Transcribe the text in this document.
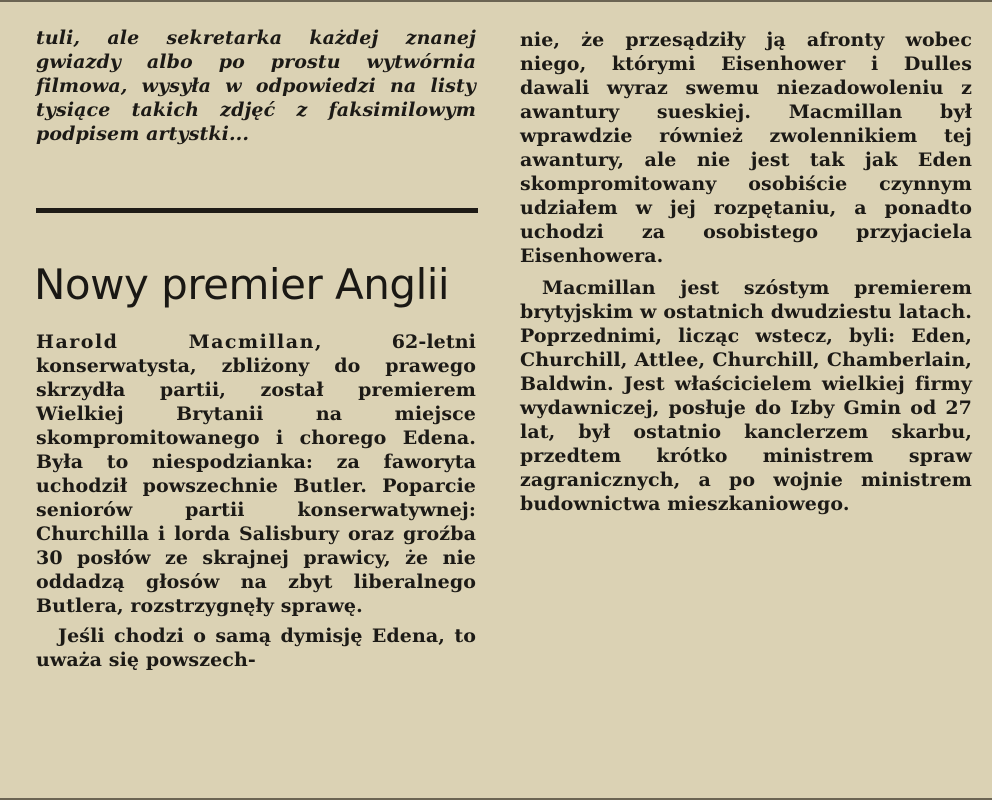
tuli, ale sekretarka każdej znanej gwiazdy albo po prostu wytwórnia filmowa, wysyła w odpowiedzi na listy tysiące takich zdjęć z faksimilowym podpisem artystki...

Nowy premier Anglii

Harold Macmillan, 62-letni konserwatysta, zbliżony do prawego skrzydła partii, został premierem Wielkiej Brytanii na miejsce skompromitowanego i chorego Edena. Była to niespodzianka: za faworyta uchodził powszechnie Butler. Poparcie seniorów partii konserwatywnej: Churchilla i lorda Salisbury oraz groźba 30 posłów ze skrajnej prawicy, że nie oddadzą głosów na zbyt liberalnego Butlera, rozstrzygnęły sprawę.

Jeśli chodzi o samą dymisję Edena, to uważa się powszech-

nie, że przesądziły ją afronty wobec niego, którymi Eisenhower i Dulles dawali wyraz swemu niezadowoleniu z awantury sueskiej. Macmillan był wprawdzie również zwolennikiem tej awantury, ale nie jest tak jak Eden skompromitowany osobiście czynnym udziałem w jej rozpętaniu, a ponadto uchodzi za osobistego przyjaciela Eisenhowera.

Macmillan jest szóstym premierem brytyjskim w ostatnich dwudziestu latach. Poprzednimi, licząc wstecz, byli: Eden, Churchill, Attlee, Churchill, Chamberlain, Baldwin. Jest właścicielem wielkiej firmy wydawniczej, posłuje do Izby Gmin od 27 lat, był ostatnio kanclerzem skarbu, przedtem krótko ministrem spraw zagranicznych, a po wojnie ministrem budownictwa mieszkaniowego.
